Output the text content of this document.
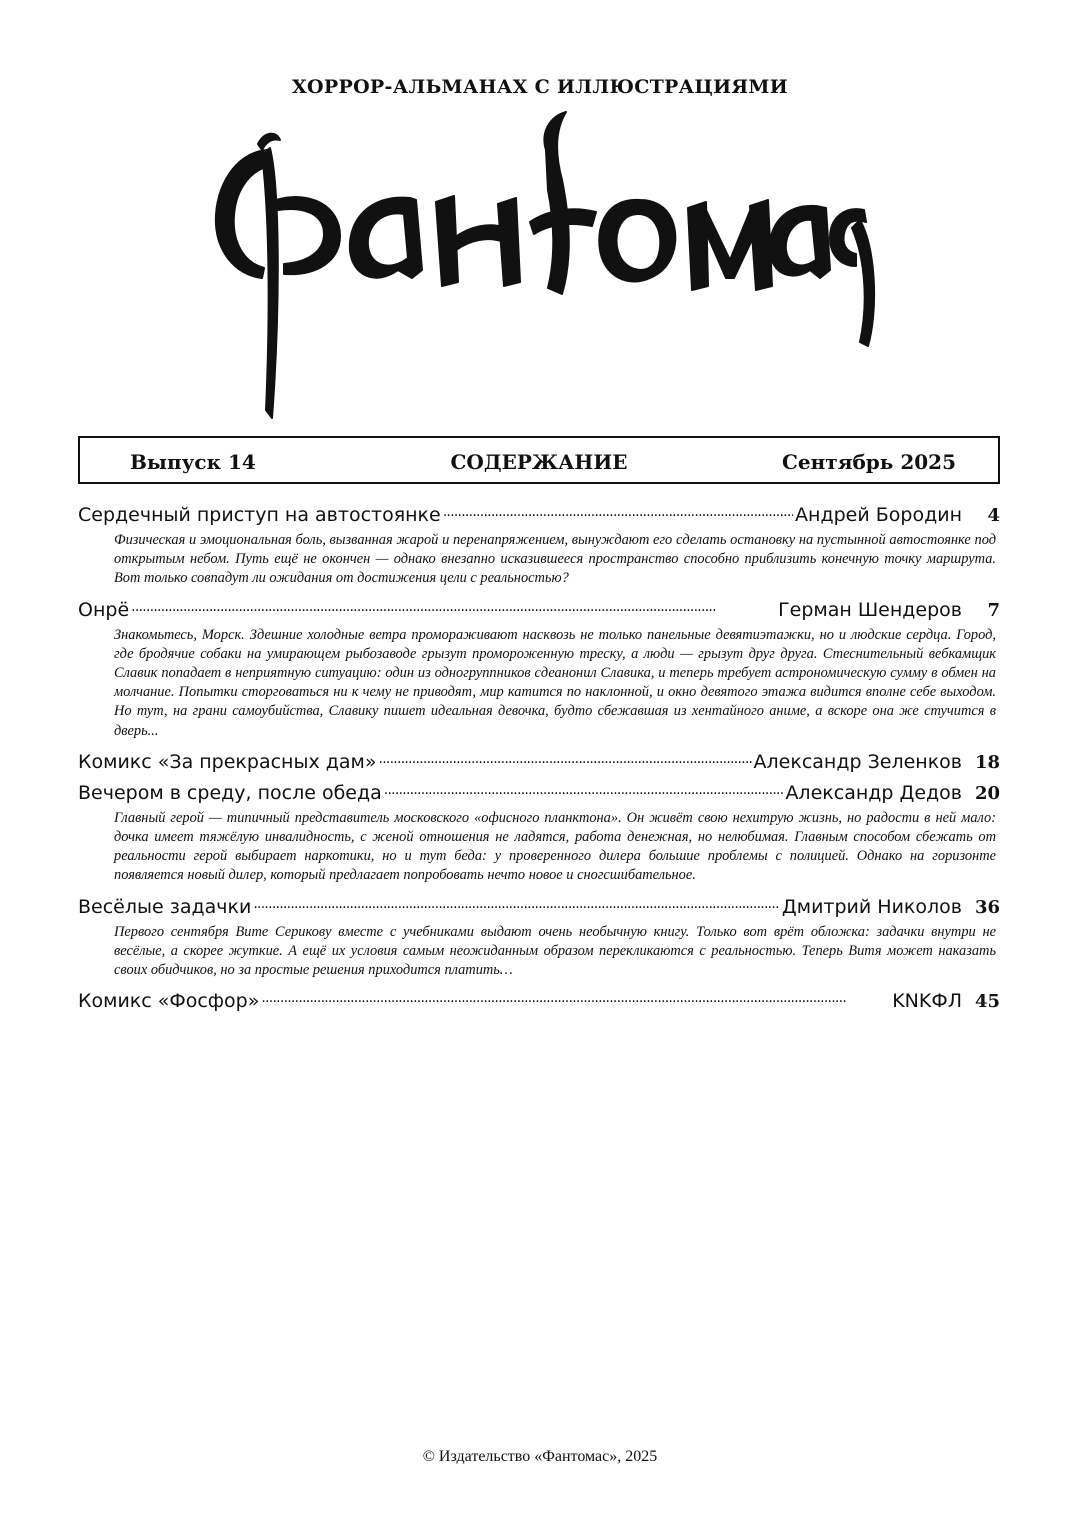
ХОРРОР-АЛЬМАНАХ С ИЛЛЮСТРАЦИЯМИ
СОДЕРЖАНИЕ
Выпуск 14	Сентябрь 2025
Сердечный приступ на автостоянке . . .	Андрей Бородин	4

Физическая и эмоциональная боль, вызванная жарой и перенапряжением, вынуждают его сделать остановку на пустынной автостоянке под открытым небом. Путь ещё не окончен — однако внезапно исказившееся пространство способно приблизить конечную точку маршрута. Вот только совпадут ли ожидания от достижения цели с реальностью?

Онрё . . .	Герман Шендеров	7

Знакомьтесь, Морск. Здешние холодные ветра промораживают насквозь не только панельные девятиэтажки, но и людские сердца. Город, где бродячие собаки на умирающем рыбозаводе грызут промороженную треску, а люди — грызут друг друга. Стеснительный вебкамщик Славик попадает в неприятную ситуацию: один из одногруппников сдеанонил Славика, и теперь требует астрономическую сумму в обмен на молчание. Попытки сторговаться ни к чему не приводят, мир катится по наклонной, и окно девятого этажа видится вполне себе выходом. Но тут, на грани самоубийства, Славику пишет идеальная девочка, будто сбежавшая из хентайного аниме, а вскоре она же стучится в дверь...

Комикс «За прекрасных дам» . . .	Александр Зеленков 18
Вечером в среду, после обеда . . .	Александр Дедов 20

Главный герой — типичный представитель московского «офисного планктона». Он живёт свою нехитрую жизнь, но радости в ней мало: дочка имеет тяжёлую инвалидность, с женой отношения не ладятся, работа денежная, но нелюбимая. Главным способом сбежать от реальности герой выбирает наркотики, но и тут беда: у проверенного дилера большие проблемы с полицией. Однако на горизонте появляется новый дилер, который предлагает попробовать нечто новое и сногсшибательное.

Весёлые задачки . . .	Дмитрий Николов 36

Первого сентября Вите Серикову вместе с учебниками выдают очень необычную книгу. Только вот врёт обложка: задачки внутри не весёлые, а скорее жуткие. А ещё их условия самым неожиданным образом перекликаются с реальностью. Теперь Витя может наказать своих обидчиков, но за простые решения приходится платить…

Комикс «Фосфор» . . .	KNKФЛ 45
© Издательство «Фантомас», 2025
